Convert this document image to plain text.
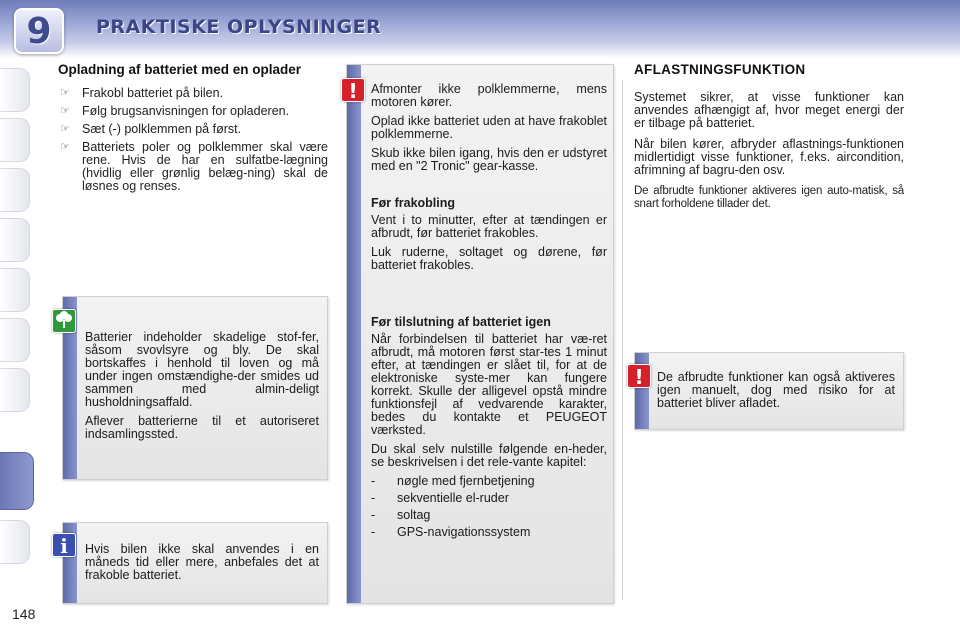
9	PRAKTISKE OPLYSNINGER
Opladning af batteriet med en oplader
☞ Frakobl batteriet på bilen.
☞ Følg brugsanvisningen for opladeren.
☞ Sæt (-) polklemmen på først.
☞ Batteriets poler og polklemmer skal være rene. Hvis de har en sulfatbe-lægning (hvidlig eller grønlig belæg-ning) skal de løsnes og renses.

Batterier indeholder skadelige stof-fer, såsom svovlsyre og bly. De skal bortskaffes i henhold til loven og må under ingen omstændighe-der smides ud sammen med almin-deligt husholdningsaffald.

Aflever batterierne til et autoriseret indsamlingssted.

Hvis bilen ikke skal anvendes i en måneds tid eller mere, anbefales det at frakoble batteriet.

i

Afmonter ikke polklemmerne, mens motoren kører.

Oplad ikke batteriet uden at have frakoblet polklemmerne.

Skub ikke bilen igang, hvis den er udstyret med en "2 Tronic" gear-kasse.

Før frakobling

Vent i to minutter, efter at tændingen er afbrudt, før batteriet frakobles.

Luk ruderne, soltaget og dørene, før batteriet frakobles.

Før tilslutning af batteriet igen

Når forbindelsen til batteriet har væ-ret afbrudt, må motoren først star-tes 1 minut efter, at tændingen er slået til, for at de elektroniske syste-mer kan fungere korrekt. Skulle der alligevel opstå mindre funktionsfejl af vedvarende karakter, bedes du kontakte et PEUGEOT værksted.

Du skal selv nulstille følgende en-heder, se beskrivelsen i det rele-vante kapitel:

- nøgle med fjernbetjening
- sekventielle el-ruder
- soltag
- GPS-navigationssystem
!
AFLASTNINGSFUNKTION

Systemet sikrer, at visse funktioner kan anvendes afhængigt af, hvor meget energi der er tilbage på batteriet.

Når bilen kører, afbryder aflastnings-funktionen midlertidigt visse funktioner, f.eks. aircondition, afrimning af bagru-den osv.

De afbrudte funktioner aktiveres igen auto-matisk, så snart forholdene tillader det.

De afbrudte funktioner kan også aktiveres igen manuelt, dog med risiko for at batteriet bliver afladet.

!
148
